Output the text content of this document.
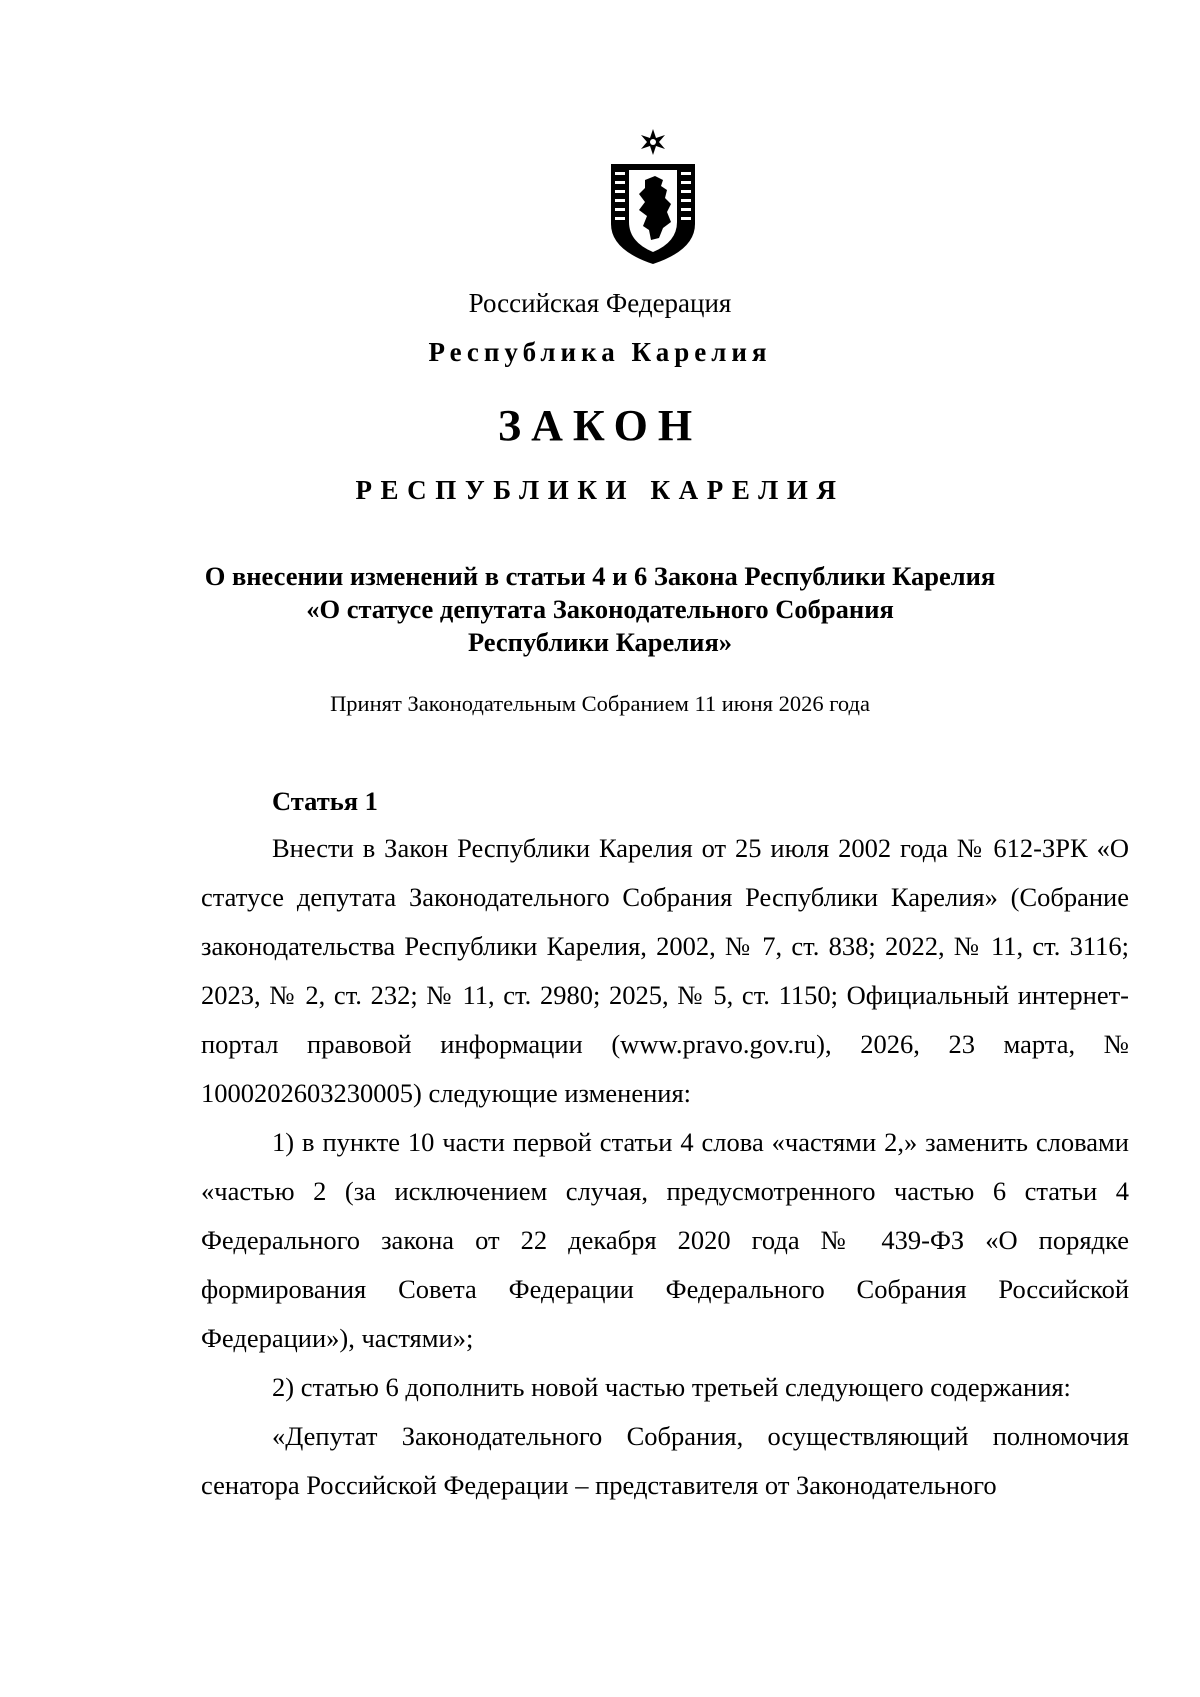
Российская Федерация
Республика Карелия
ЗАКОН
РЕСПУБЛИКИ КАРЕЛИЯ
О внесении изменений в статьи 4 и 6 Закона Республики Карелия
«О статусе депутата Законодательного Собрания
Республики Карелия»
Принят Законодательным Собранием 11 июня 2026 года
Статья 1

Внести в Закон Республики Карелия от 25 июля 2002 года № 612-ЗРК «О статусе депутата Законодательного Собрания Республики Карелия» (Собрание законодательства Республики Карелия, 2002, № 7, ст. 838; 2022, № 11, ст. 3116; 2023, № 2, ст. 232; № 11, ст. 2980; 2025, № 5, ст. 1150; Официальный интернет-портал правовой информации (www.pravo.gov.ru), 2026, 23 марта, № 1000202603230005) следующие изменения:

1) в пункте 10 части первой статьи 4 слова «частями 2,» заменить словами «частью 2 (за исключением случая, предусмотренного частью 6 статьи 4 Федерального закона от 22 декабря 2020 года № 439-ФЗ «О порядке формирования Совета Федерации Федерального Собрания Российской Федерации»), частями»;

2) статью 6 дополнить новой частью третьей следующего содержания:

«Депутат Законодательного Собрания, осуществляющий полномочия сенатора Российской Федерации – представителя от Законодательного
